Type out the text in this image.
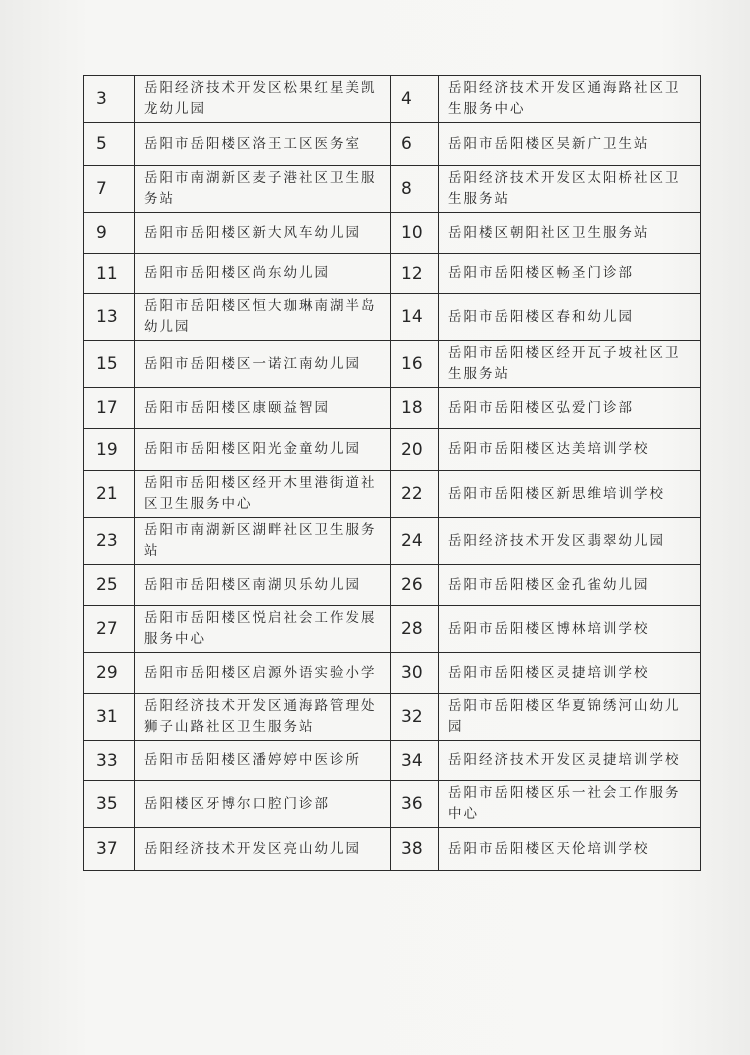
3	岳阳经济技术开发区松果红星美凯龙幼儿园	4	岳阳经济技术开发区通海路社区卫生服务中心
5	岳阳市岳阳楼区洛王工区医务室	6	岳阳市岳阳楼区吴新广卫生站
7	岳阳市南湖新区麦子港社区卫生服务站	8	岳阳经济技术开发区太阳桥社区卫生服务站
9	岳阳市岳阳楼区新大风车幼儿园	10	岳阳楼区朝阳社区卫生服务站
11	岳阳市岳阳楼区尚东幼儿园	12	岳阳市岳阳楼区畅圣门诊部
13	岳阳市岳阳楼区恒大珈琳南湖半岛幼儿园	14	岳阳市岳阳楼区春和幼儿园
15	岳阳市岳阳楼区一诺江南幼儿园	16	岳阳市岳阳楼区经开瓦子坡社区卫生服务站
17	岳阳市岳阳楼区康颐益智园	18	岳阳市岳阳楼区弘爱门诊部
19	岳阳市岳阳楼区阳光金童幼儿园	20	岳阳市岳阳楼区达美培训学校
21	岳阳市岳阳楼区经开木里港街道社区卫生服务中心	22	岳阳市岳阳楼区新思维培训学校
23	岳阳市南湖新区湖畔社区卫生服务站	24	岳阳经济技术开发区翡翠幼儿园
25	岳阳市岳阳楼区南湖贝乐幼儿园	26	岳阳市岳阳楼区金孔雀幼儿园
27	岳阳市岳阳楼区悦启社会工作发展服务中心	28	岳阳市岳阳楼区博林培训学校
29	岳阳市岳阳楼区启源外语实验小学	30	岳阳市岳阳楼区灵捷培训学校
31	岳阳经济技术开发区通海路管理处狮子山路社区卫生服务站	32	岳阳市岳阳楼区华夏锦绣河山幼儿园
33	岳阳市岳阳楼区潘婷婷中医诊所	34	岳阳经济技术开发区灵捷培训学校
35	岳阳楼区牙博尔口腔门诊部	36	岳阳市岳阳楼区乐一社会工作服务中心
37	岳阳经济技术开发区亮山幼儿园	38	岳阳市岳阳楼区天伦培训学校
